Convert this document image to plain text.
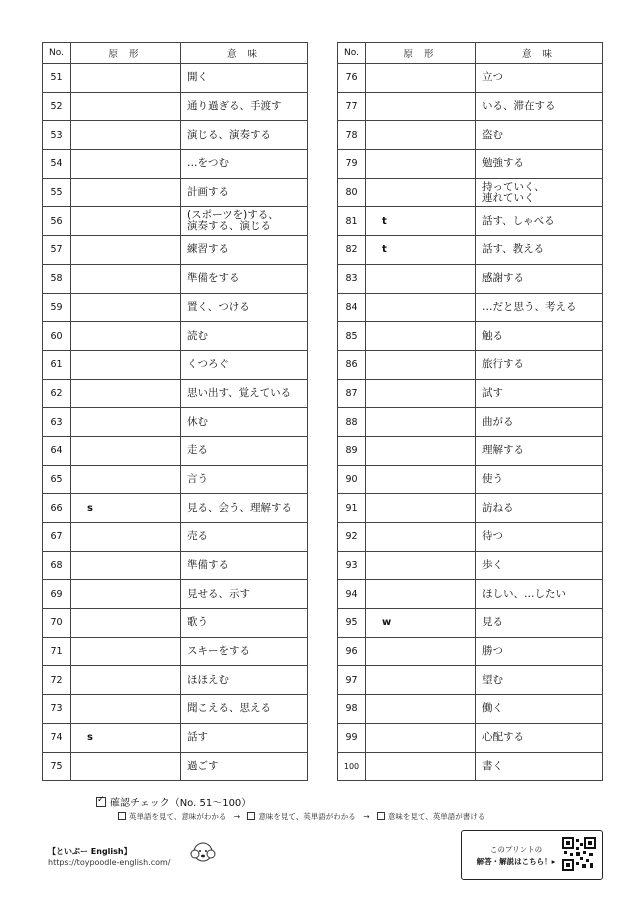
No.	原 形	意 味
51		開く
52		通り過ぎる、手渡す
53		演じる、演奏する
54		…をつむ
55		計画する
56		(スポーツを)する、
演奏する、演じる
57		練習する
58		準備をする
59		置く、つける
60		読む
61		くつろぐ
62		思い出す、覚えている
63		休む
64		走る
65		言う
66	s	見る、会う、理解する
67		売る
68		準備する
69		見せる、示す
70		歌う
71		スキーをする
72		ほほえむ
73		聞こえる、思える
74	s	話す
75		過ごす
No.	原 形	意 味
76		立つ
77		いる、滞在する
78		盗む
79		勉強する
80		持っていく、
連れていく
81	t	話す、しゃべる
82	t	話す、教える
83		感謝する
84		…だと思う、考える
85		触る
86		旅行する
87		試す
88		曲がる
89		理解する
90		使う
91		訪ねる
92		待つ
93		歩く
94		ほしい、…したい
95	w	見る
96		勝つ
97		望む
98		働く
99		心配する
100		書く
✓確認チェック（No. 51～100）
英単語を見て、意味がわかる → 意味を見て、英単語がわかる → 意味を見て、英単語が書ける
【といぷー English】
https://toypoodle-english.com/
このプリントの
解答・解説はこちら！▸
